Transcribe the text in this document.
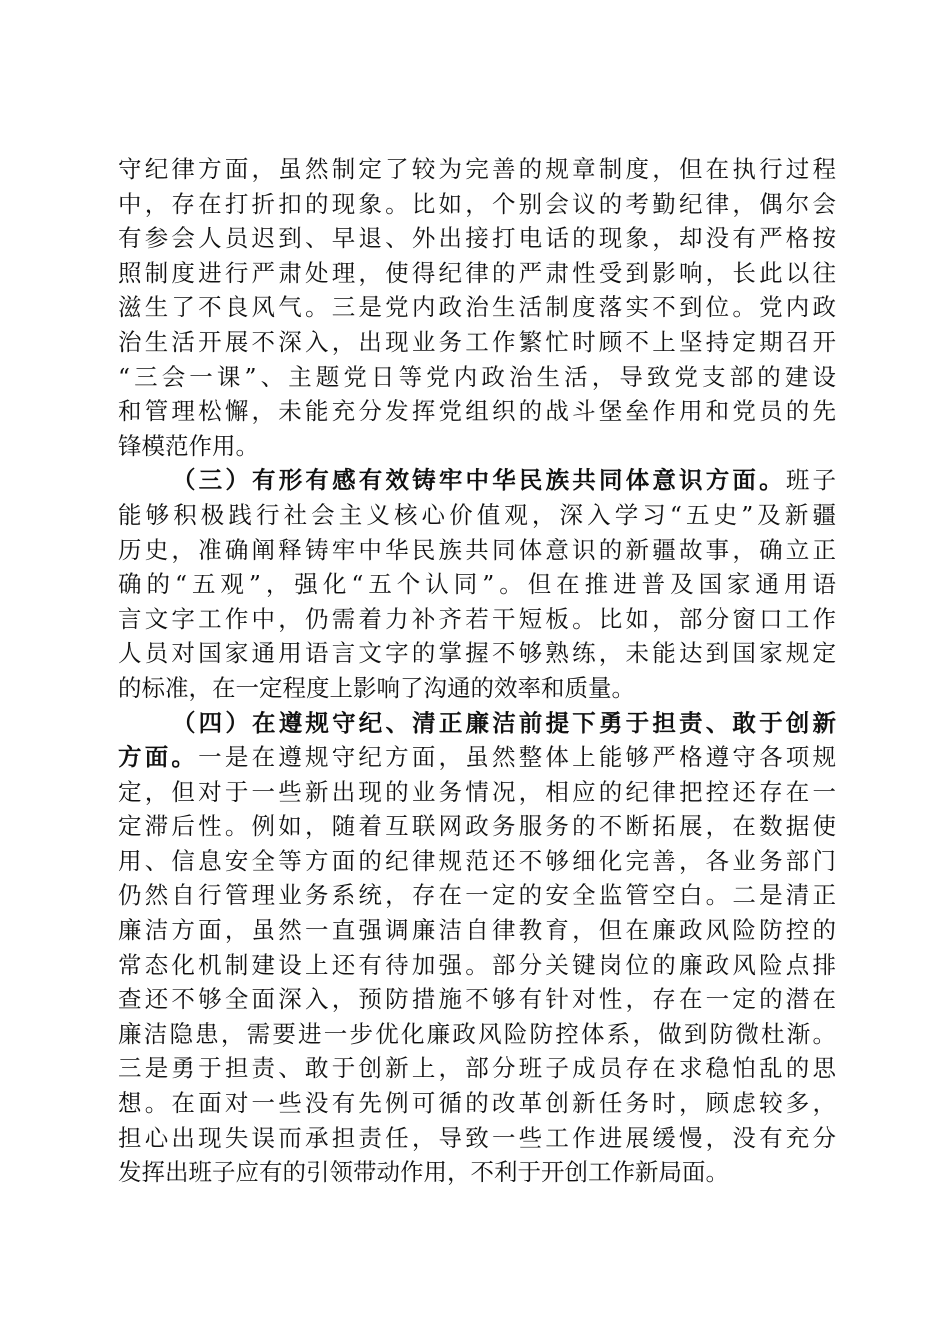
守纪律方面，虽然制定了较为完善的规章制度，但在执行过程
中，存在打折扣的现象。比如，个别会议的考勤纪律，偶尔会
有参会人员迟到、早退、外出接打电话的现象，却没有严格按
照制度进行严肃处理，使得纪律的严肃性受到影响，长此以往
滋生了不良风气。三是党内政治生活制度落实不到位。党内政
治生活开展不深入，出现业务工作繁忙时顾不上坚持定期召开
“三会一课”、主题党日等党内政治生活，导致党支部的建设
和管理松懈，未能充分发挥党组织的战斗堡垒作用和党员的先
锋模范作用。
（三）有形有感有效铸牢中华民族共同体意识方面。班子
能够积极践行社会主义核心价值观，深入学习“五史”及新疆
历史，准确阐释铸牢中华民族共同体意识的新疆故事，确立正
确的“五观”，强化“五个认同”。但在推进普及国家通用语
言文字工作中，仍需着力补齐若干短板。比如，部分窗口工作
人员对国家通用语言文字的掌握不够熟练，未能达到国家规定
的标准，在一定程度上影响了沟通的效率和质量。
（四）在遵规守纪、清正廉洁前提下勇于担责、敢于创新
方面。一是在遵规守纪方面，虽然整体上能够严格遵守各项规
定，但对于一些新出现的业务情况，相应的纪律把控还存在一
定滞后性。例如，随着互联网政务服务的不断拓展，在数据使
用、信息安全等方面的纪律规范还不够细化完善，各业务部门
仍然自行管理业务系统，存在一定的安全监管空白。二是清正
廉洁方面，虽然一直强调廉洁自律教育，但在廉政风险防控的
常态化机制建设上还有待加强。部分关键岗位的廉政风险点排
查还不够全面深入，预防措施不够有针对性，存在一定的潜在
廉洁隐患，需要进一步优化廉政风险防控体系，做到防微杜渐。
三是勇于担责、敢于创新上，部分班子成员存在求稳怕乱的思
想。在面对一些没有先例可循的改革创新任务时，顾虑较多，
担心出现失误而承担责任，导致一些工作进展缓慢，没有充分
发挥出班子应有的引领带动作用，不利于开创工作新局面。
